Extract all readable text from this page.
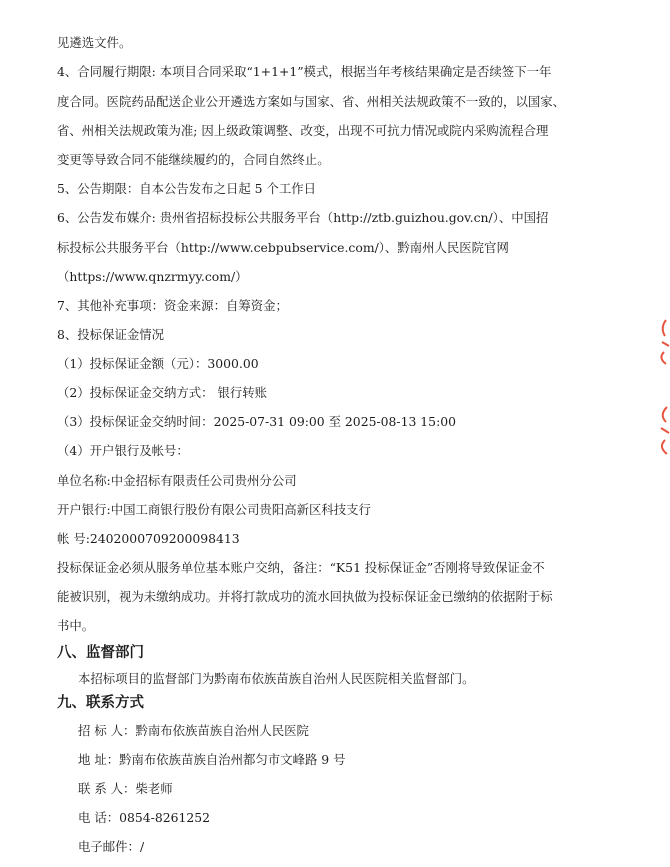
见遴选文件。
4、合同履行期限: 本项目合同采取“1+1+1”模式，根据当年考核结果确定是否续签下一年
度合同。医院药品配送企业公开遴选方案如与国家、省、州相关法规政策不一致的，以国家、
省、州相关法规政策为准; 因上级政策调整、改变，出现不可抗力情况或院内采购流程合理
变更等导致合同不能继续履约的，合同自然终止。
5、公告期限：自本公告发布之日起 5 个工作日
6、公告发布媒介: 贵州省招标投标公共服务平台（http://ztb.guizhou.gov.cn/）、中国招
标投标公共服务平台（http://www.cebpubservice.com/）、黔南州人民医院官网
（https://www.qnzrmyy.com/）
7、其他补充事项：资金来源：自筹资金；
8、投标保证金情况
（1）投标保证金额（元）：3000.00
（2）投标保证金交纳方式： 银行转账
（3）投标保证金交纳时间：2025-07-31 09:00 至 2025-08-13 15:00
（4）开户银行及帐号：
单位名称:中金招标有限责任公司贵州分公司
开户银行:中国工商银行股份有限公司贵阳高新区科技支行
帐 号:2402000709200098413
投标保证金必须从服务单位基本账户交纳，备注：“K51 投标保证金”否刚将导致保证金不
能被识别，视为未缴纳成功。并将打款成功的流水回执做为投标保证金已缴纳的依据附于标
书中。
八、监督部门
本招标项目的监督部门为黔南布依族苗族自治州人民医院相关监督部门。
九、联系方式
招 标 人：黔南布依族苗族自治州人民医院
地 址：黔南布依族苗族自治州都匀市文峰路 9 号
联 系 人：柴老师
电 话：0854-8261252
电子邮件：/
